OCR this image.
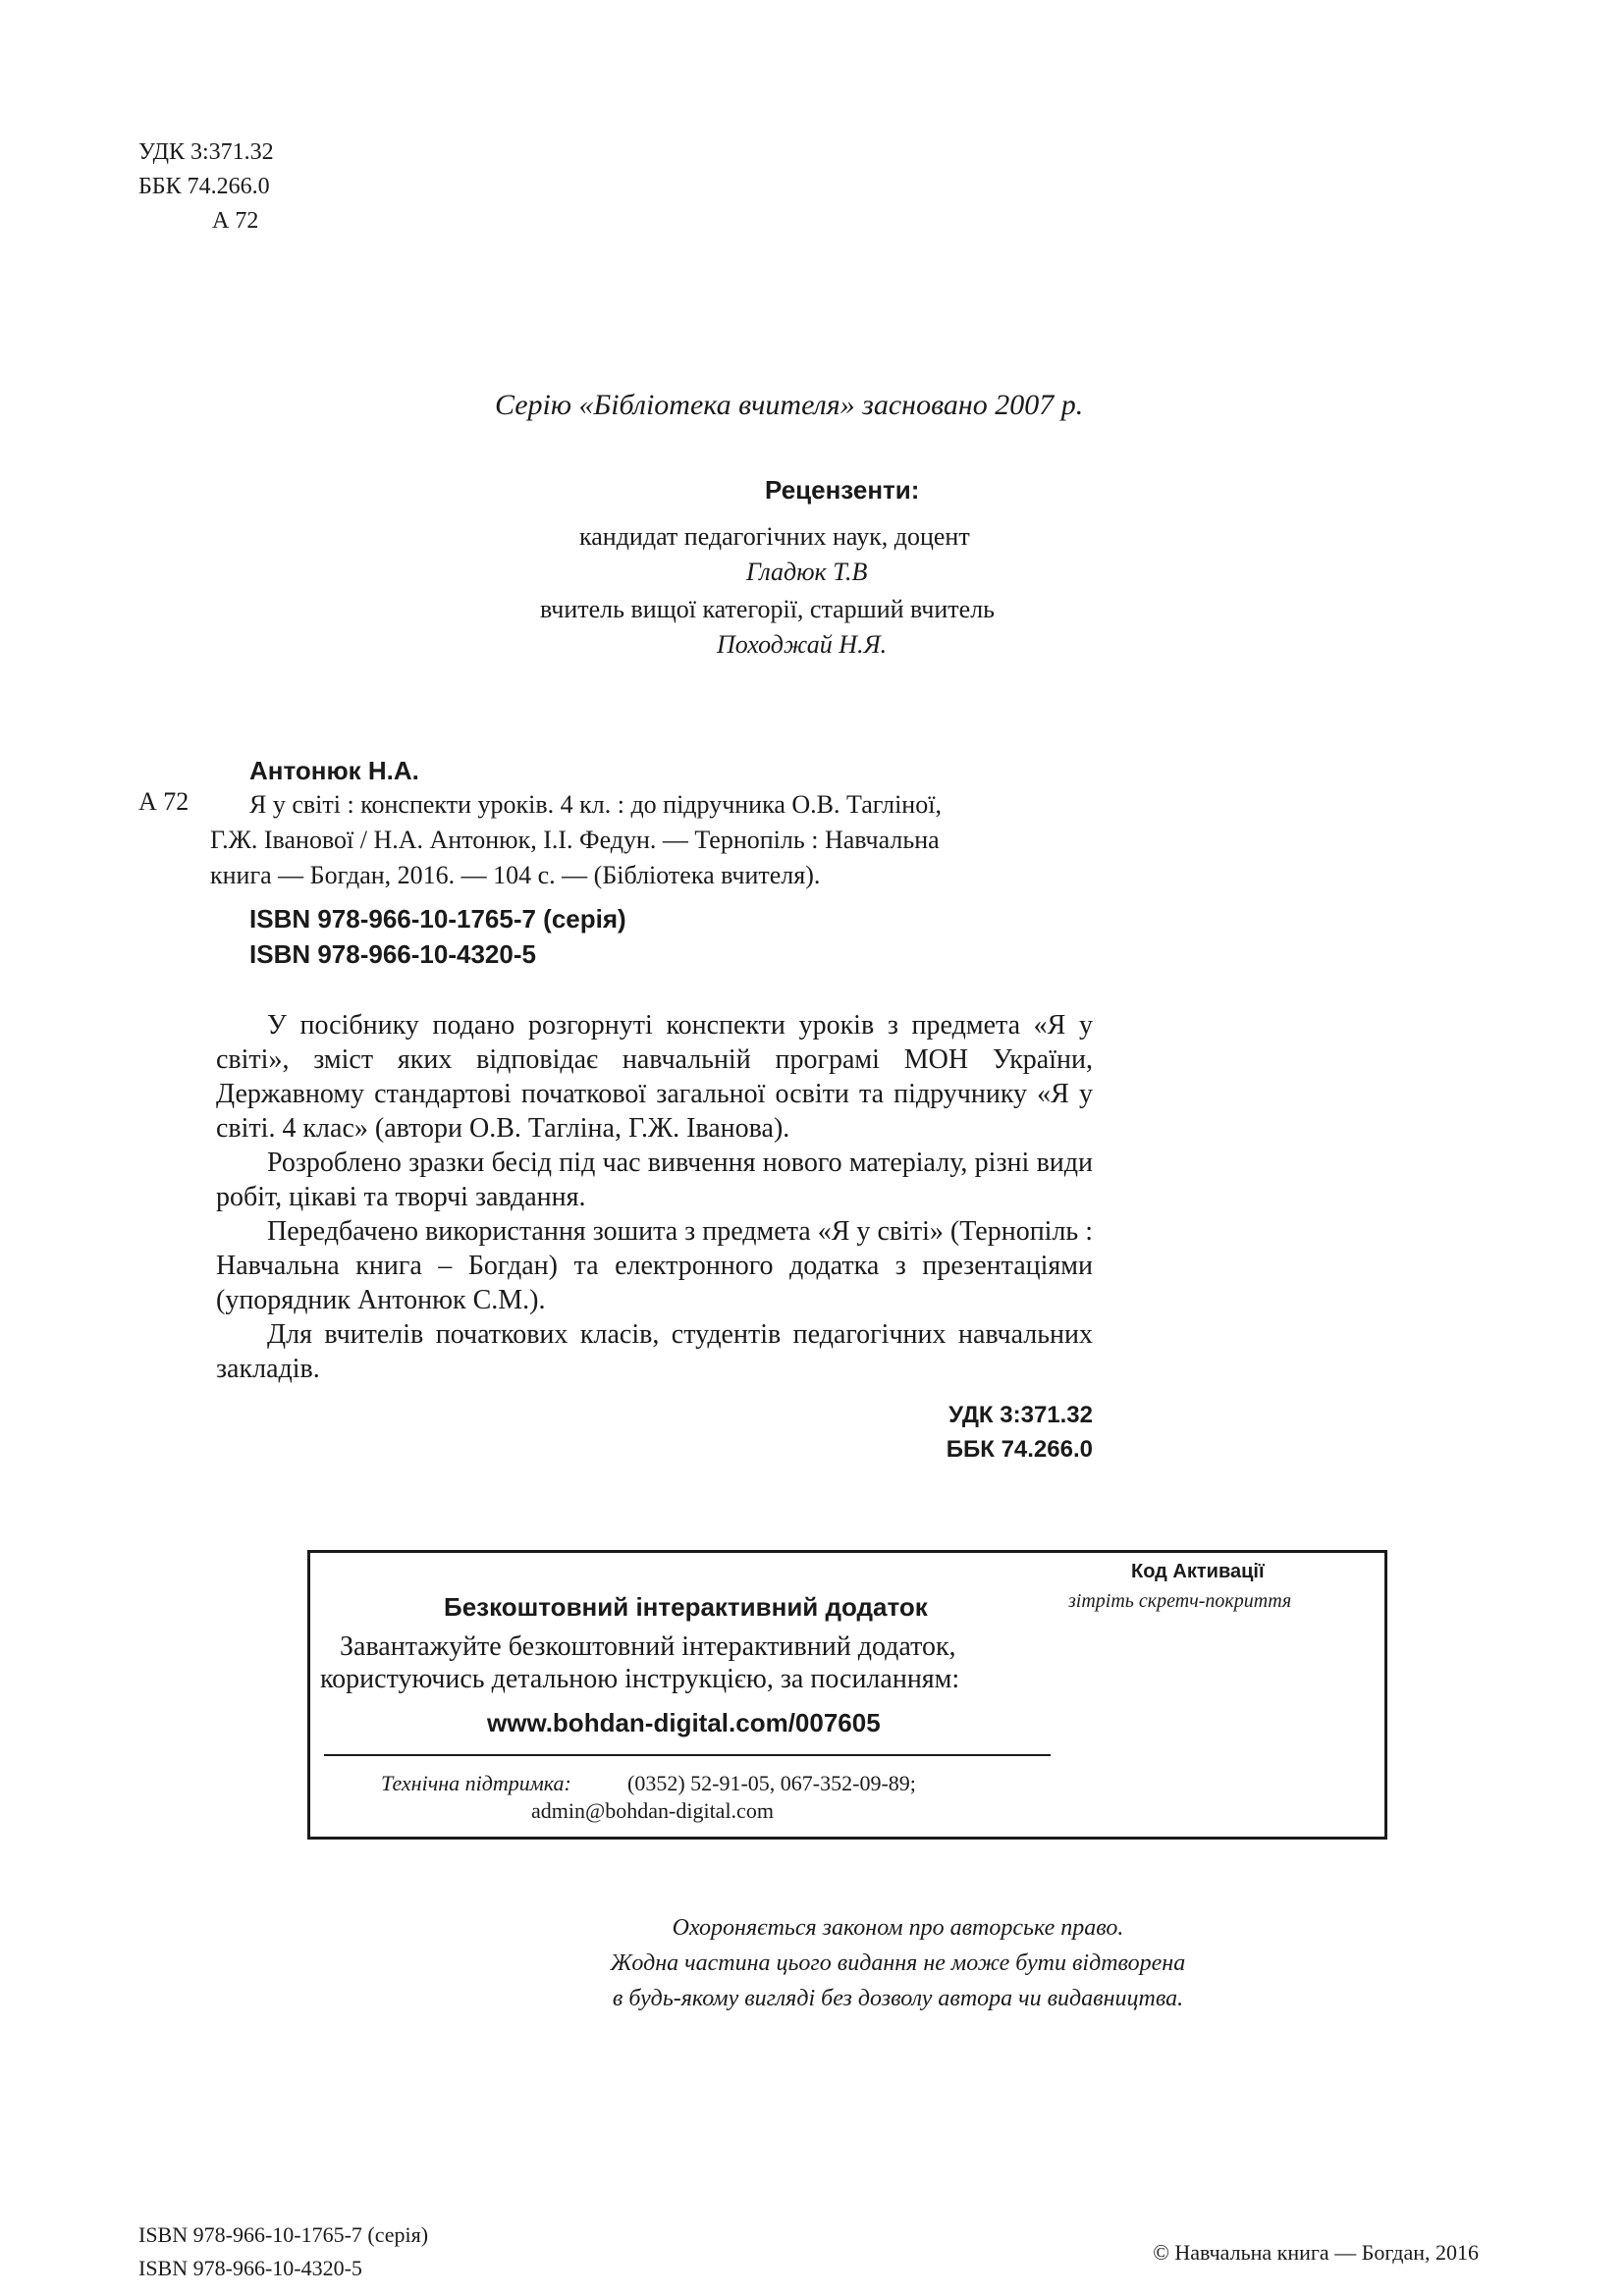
УДК 3:371.32
ББК 74.266.0
А 72
Серію «Бібліотека вчителя» засновано 2007 р.
Рецензенти:
кандидат педагогічних наук, доцент
Гладюк Т.В
вчитель вищої категорії, старший вчитель
Походжай Н.Я.
Антонюк Н.А.
А 72 Я у світі : конспекти уроків. 4 кл. : до підручника О.В. Тагліної,
Г.Ж. Іванової / Н.А. Антонюк, І.І. Федун. — Тернопіль : Навчальна
книга — Богдан, 2016. — 104 с. — (Бібліотека вчителя).
ISBN 978-966-10-1765-7 (серія)
ISBN 978-966-10-4320-5

У посібнику подано розгорнуті конспекти уроків з предмета «Я у світі», зміст яких відповідає навчальній програмі МОН України, Державному стандартові початкової загальної освіти та підручнику «Я у світі. 4 клас» (автори О.В. Тагліна, Г.Ж. Іванова).

Розроблено зразки бесід під час вивчення нового матеріалу, різні види робіт, цікаві та творчі завдання.

Передбачено використання зошита з предмета «Я у світі» (Тернопіль : Навчальна книга – Богдан) та електронного додатка з презентаціями (упорядник Антонюк С.М.).

Для вчителів початкових класів, студентів педагогічних навчальних закладів.

УДК 3:371.32
ББК 74.266.0
Безкоштовний інтерактивний додаток
Завантажуйте безкоштовний інтерактивний додаток,
користуючись детальною інструкцією, за посиланням:
www.bohdan-digital.com/007605
Технічна підтримка:	(0352) 52-91-05, 067-352-09-89;
admin@bohdan-digital.com
Код Активації
зітріть скретч-покриття
Охороняється законом про авторське право.
Жодна частина цього видання не може бути відтворена
в будь-якому вигляді без дозволу автора чи видавництва.
ISBN 978-966-10-1765-7 (серія)
ISBN 978-966-10-4320-5
© Навчальна книга — Богдан, 2016
